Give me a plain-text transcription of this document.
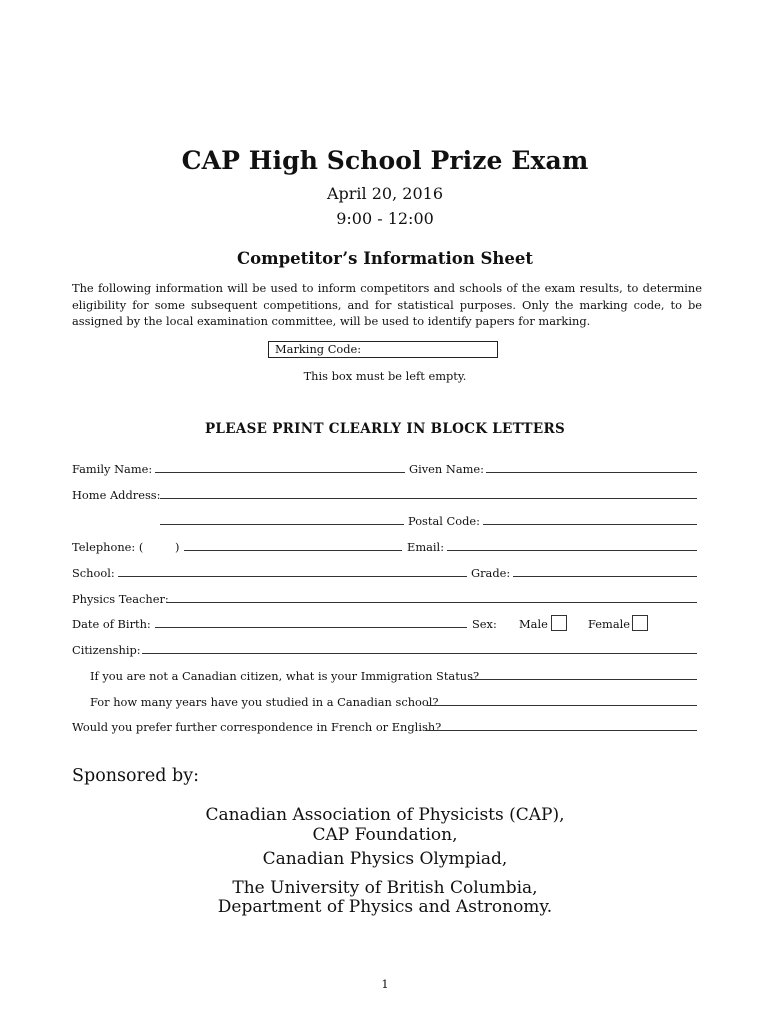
CAP High School Prize Exam
April 20, 2016
9:00 - 12:00
Competitor’s Information Sheet
The following information will be used to inform competitors and schools of the exam results, to determine eligibility for some subsequent competitions, and for statistical purposes. Only the marking code, to be assigned by the local examination committee, will be used to identify papers for marking.
Marking Code:
This box must be left empty.
PLEASE PRINT CLEARLY IN BLOCK LETTERS
Family Name:	Given Name:
Home Address:
Postal Code:
Telephone: (	)	Email:
School:	Grade:
Physics Teacher:
Date of Birth:	Sex: Male	Female
Citizenship:
If you are not a Canadian citizen, what is your Immigration Status?
For how many years have you studied in a Canadian school?
Would you prefer further correspondence in French or English?
Sponsored by:
Canadian Association of Physicists (CAP),
CAP Foundation,
Canadian Physics Olympiad,
The University of British Columbia,
Department of Physics and Astronomy.
1
